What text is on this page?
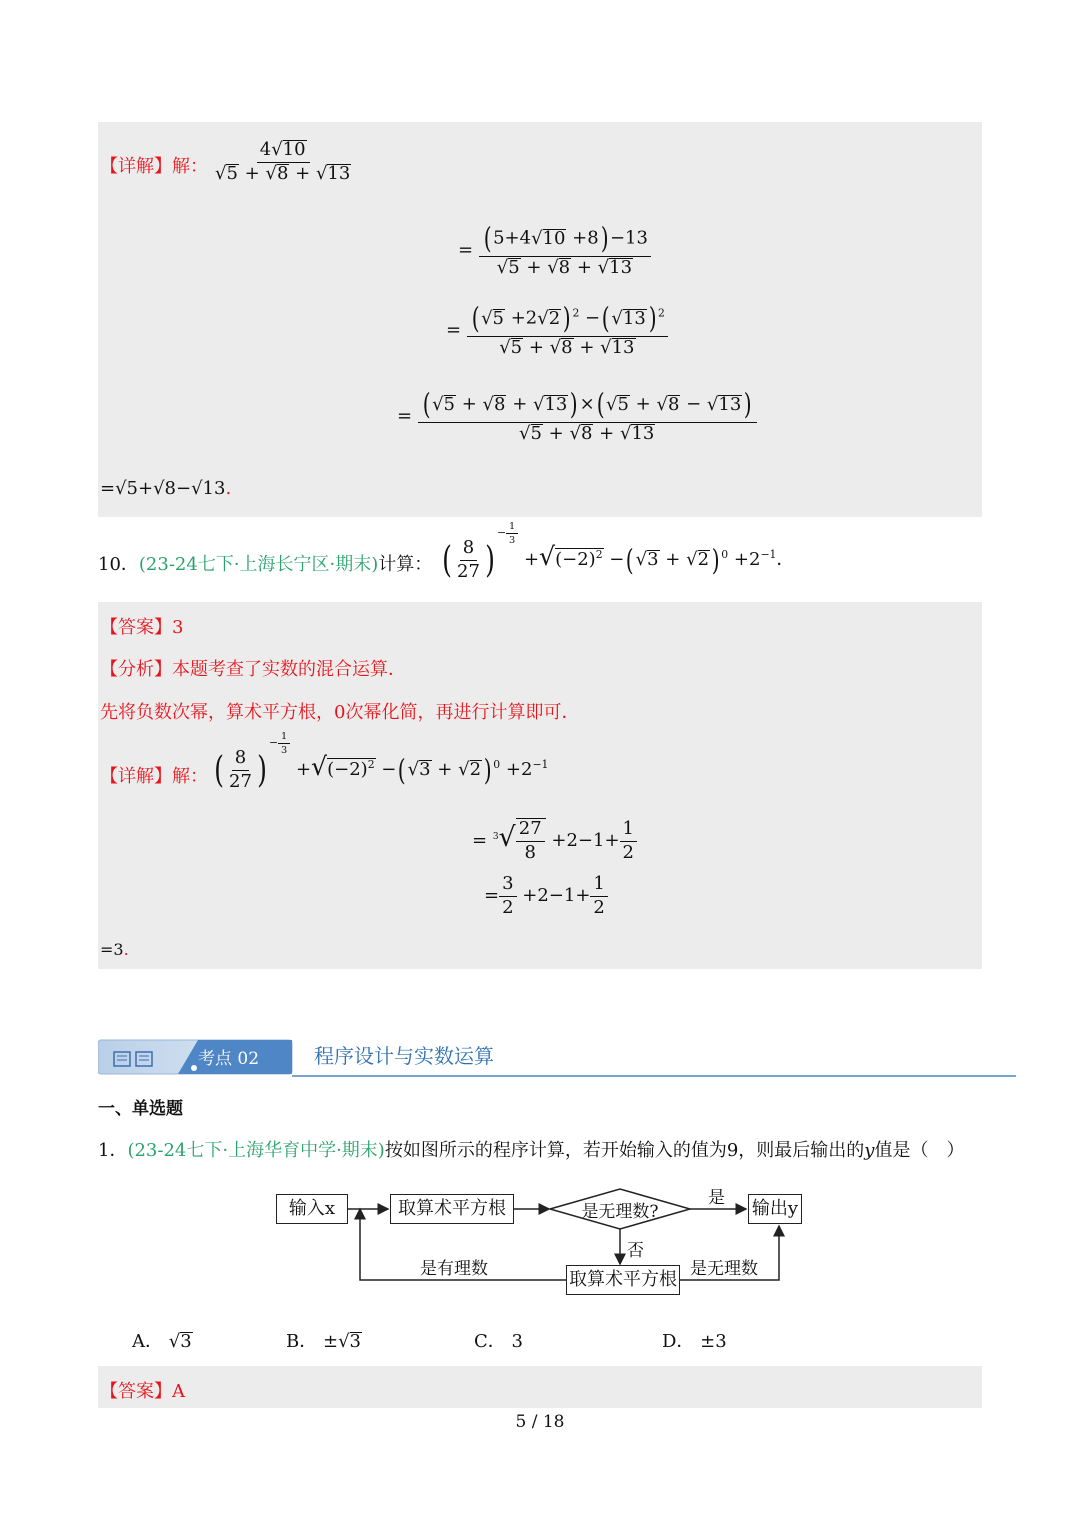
【详解】解： $\frac{4√10}{√5 + √8 + √13}$
= $\frac{(5+4√10 +8)-13}{√5 + √8 + √13}$
= $\frac{(√5 +2√2) ^2 -(√13) ^2}{√5 + √8 + √13}$
= $\frac{(√5 + √8 + √13)\times(√5 + √8 - √13)}{√5 + √8 + √13}$
=√5+√8−√13.
10．(23-24七下·上海长宁区·期末)计算： ( $\frac{8}{27} )^{- \frac{1}{3}}$
$+√(-2)^2 -(√3 + √2)$ $^0 +2^{-1}$．
【答案】3
【分析】本题考查了实数的混合运算．
先将负数次幂，算术平方根，0次幂化简，再进行计算即可．
【详解】解： ( $\frac{8}{27} )^{- \frac{1}{3}}$
$+√(-2)^2 -(√3 + √2)$ $^0 +2^{-1}$
= $^3√ \frac{27}{8} +2-1+ \frac{1}{2}$
= $\frac{3}{2} +2-1+ \frac{1}{2}$
=3.
考点 02	程序设计与实数运算
一、单选题
1．(23-24七下·上海华育中学·期末)按如图所示的程序计算，若开始输入的值为9，则最后输出的y值是（　）
输入x	取算术平方根	是无理数?
是 输出y
否
取算术平方根
是有理数	是无理数
A． √3	B． ±√3	C． 3	D． ±3
【答案】A
5 / 18
